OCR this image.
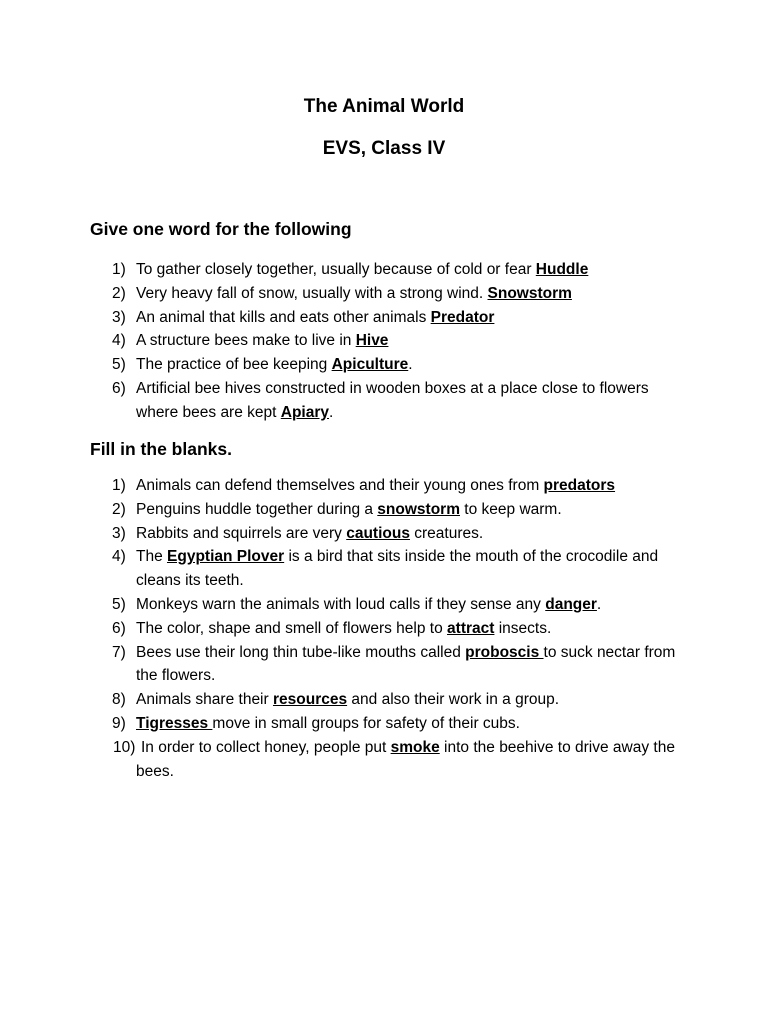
The Animal World
EVS, Class IV
Give one word for the following
1) To gather closely together, usually because of cold or fear Huddle
2) Very heavy fall of snow, usually with a strong wind. Snowstorm
3) An animal that kills and eats other animals Predator
4) A structure bees make to live in Hive
5) The practice of bee keeping Apiculture.
6) Artificial bee hives constructed in wooden boxes at a place close to flowers where bees are kept Apiary.
Fill in the blanks.
1) Animals can defend themselves and their young ones from predators
2) Penguins huddle together during a snowstorm to keep warm.
3) Rabbits and squirrels are very cautious creatures.
4) The Egyptian Plover is a bird that sits inside the mouth of the crocodile and cleans its teeth.
5) Monkeys warn the animals with loud calls if they sense any danger.
6) The color, shape and smell of flowers help to attract insects.
7) Bees use their long thin tube-like mouths called proboscis to suck nectar from the flowers.
8) Animals share their resources and also their work in a group.
9) Tigresses move in small groups for safety of their cubs.
10) In order to collect honey, people put smoke into the beehive to drive away the bees.
